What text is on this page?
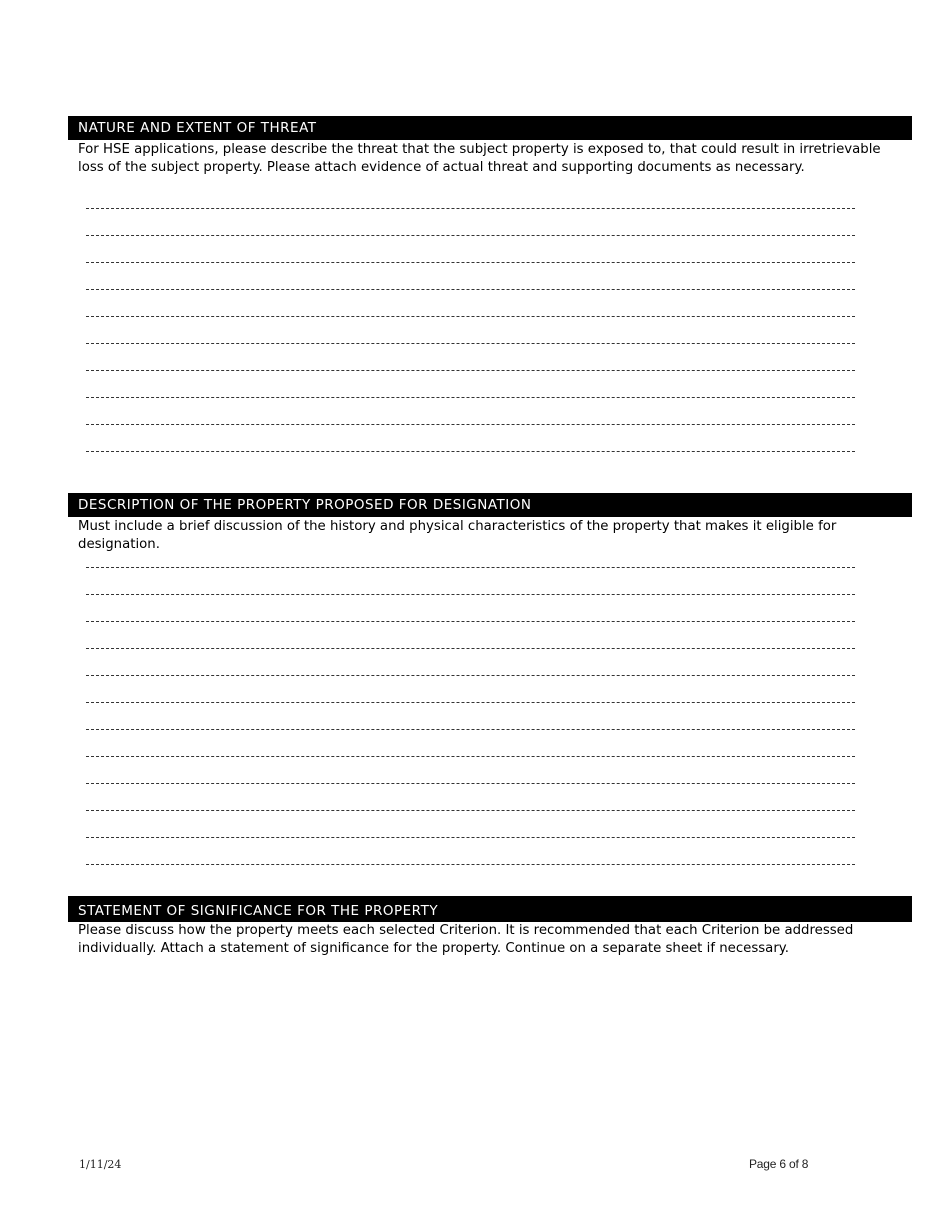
NATURE AND EXTENT OF THREAT
For HSE applications, please describe the threat that the subject property is exposed to, that could result in irretrievable loss of the subject property. Please attach evidence of actual threat and supporting documents as necessary.
DESCRIPTION OF THE PROPERTY PROPOSED FOR DESIGNATION
Must include a brief discussion of the history and physical characteristics of the property that makes it eligible for designation.
STATEMENT OF SIGNIFICANCE FOR THE PROPERTY
Please discuss how the property meets each selected Criterion. It is recommended that each Criterion be addressed individually. Attach a statement of significance for the property. Continue on a separate sheet if necessary.
1/11/24	Page 6 of 8
